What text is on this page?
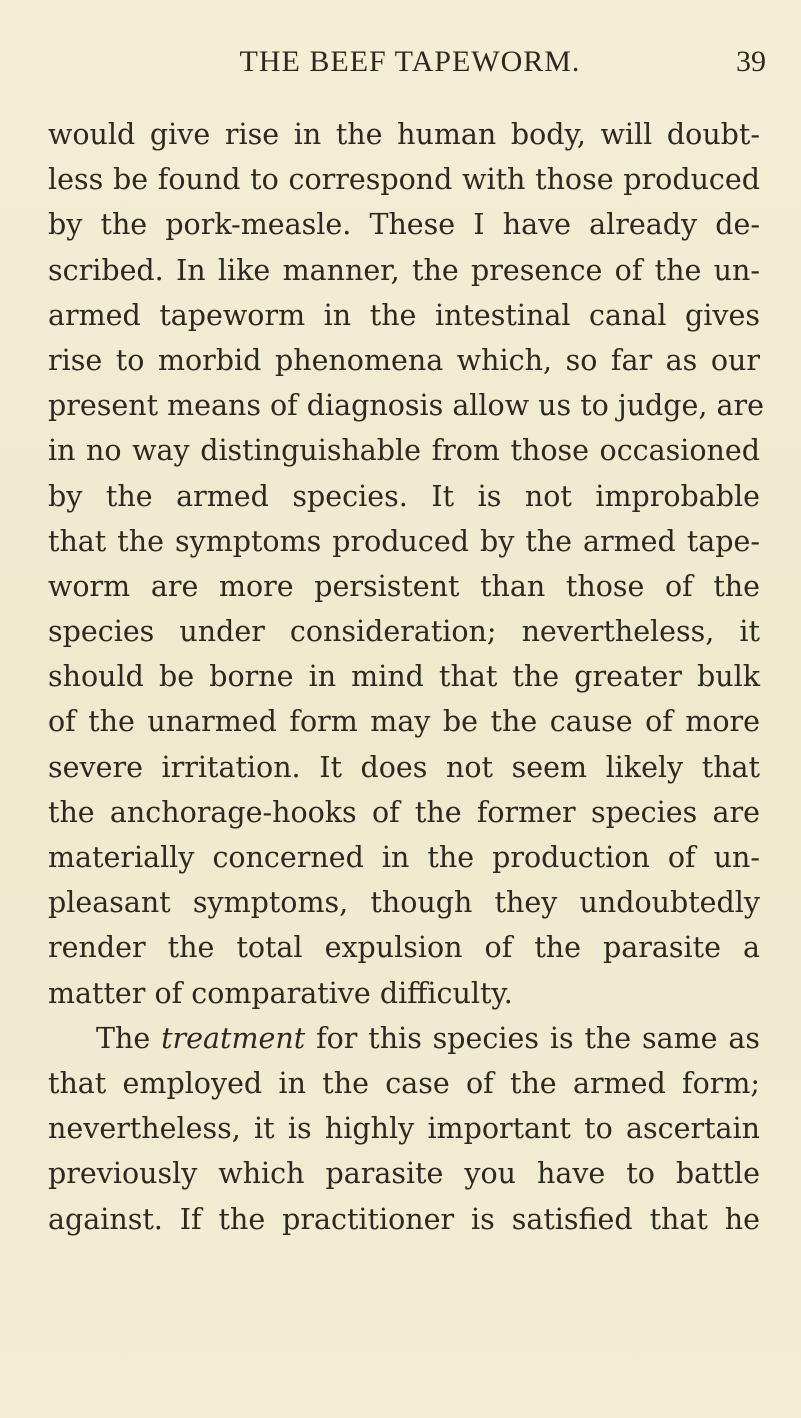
THE BEEF TAPEWORM.	39
would give rise in the human body, will doubt-
less be found to correspond with those produced
by the pork-measle. These I have already de-
scribed. In like manner, the presence of the un-
armed tapeworm in the intestinal canal gives
rise to morbid phenomena which, so far as our
present means of diagnosis allow us to judge, are
in no way distinguishable from those occasioned
by the armed species. It is not improbable
that the symptoms produced by the armed tape-
worm are more persistent than those of the
species under consideration; nevertheless, it
should be borne in mind that the greater bulk
of the unarmed form may be the cause of more
severe irritation. It does not seem likely that
the anchorage-hooks of the former species are
materially concerned in the production of un-
pleasant symptoms, though they undoubtedly
render the total expulsion of the parasite a
matter of comparative difficulty.
The treatment for this species is the same as
that employed in the case of the armed form;
nevertheless, it is highly important to ascertain
previously which parasite you have to battle
against. If the practitioner is satisfied that he
